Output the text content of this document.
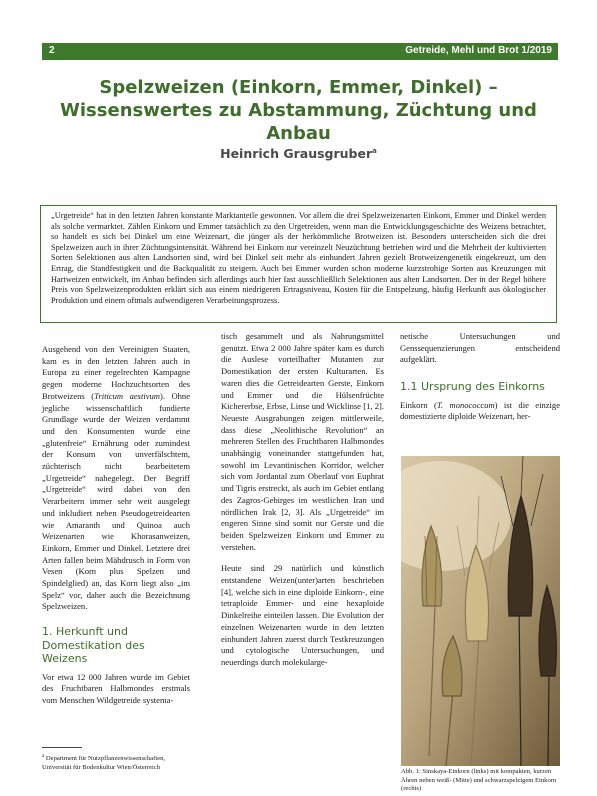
2	Getreide, Mehl und Brot 1/2019
Spelzweizen (Einkorn, Emmer, Dinkel) –
Wissenswertes zu Abstammung, Züchtung und Anbau
Heinrich Grausgruber$^a$
„Urgetreide“ hat in den letzten Jahren konstante Marktanteile gewonnen. Vor allem die drei Spelzweizenarten Einkorn, Emmer und Dinkel werden als solche vermarktet. Zählen Einkorn und Emmer tatsächlich zu den Urgetreiden, wenn man die Entwicklungsgeschichte des Weizens betrachtet, so handelt es sich bei Dinkel um eine Weizenart, die jünger als der herkömmliche Brotweizen ist. Besonders unterscheiden sich die drei Spelzweizen auch in ihrer Züchtungsintensität. Während bei Einkorn nur vereinzelt Neuzüchtung betrieben wird und die Mehrheit der kultivierten Sorten Selektionen aus alten Landsorten sind, wird bei Dinkel seit mehr als einhundert Jahren gezielt Brotweizengenetik eingekreuzt, um den Ertrag, die Standfestigkeit und die Backqualität zu steigern. Auch bei Emmer wurden schon moderne kurzstrohige Sorten aus Kreuzungen mit Hartweizen entwickelt, im Anbau befinden sich allerdings auch hier fast ausschließlich Selektionen aus alten Landsorten. Der in der Regel höhere Preis von Spelzweizenprodukten erklärt sich aus einem niedrigeren Ertragsniveau, Kosten für die Entspelzung, häufig Herkunft aus ökologischer Produktion und einem oftmals aufwendigeren Verarbeitungsprozess.

Ausgehend von den Vereinigten Staaten, kam es in den letzten Jahren auch in Europa zu einer regelrechten Kampagne gegen moderne Hochzuchtsorten des Brotweizens (Triticum aestivum). Ohne jegliche wissenschaftlich fundierte Grundlage wurde der Weizen verdammt und den Konsumenten wurde eine „glutenfreie“ Ernährung oder zumindest der Konsum von unverfälschtem, züchterisch nicht bearbeitetem „Urgetreide“ nahegelegt. Der Begriff „Urgetreide“ wird dabei von den Verarbeitern immer sehr weit ausgelegt und inkludiert neben Pseudogetreidearten wie Amaranth und Quinoa auch Weizenarten wie Khorasanweizen, Einkorn, Emmer und Dinkel. Letztere drei Arten fallen beim Mähdrusch in Form von Vesen (Korn plus Spelzen und Spindelglied) an, das Korn liegt also „im Spelz“ vor, daher auch die Bezeichnung Spelzweizen.

1. Herkunft und Domestikation des Weizens

Vor etwa 12 000 Jahren wurde im Gebiet des Fruchtbaren Halbmondes erstmals vom Menschen Wildgetreide systema-

tisch gesammelt und als Nahrungsmittel genutzt. Etwa 2 000 Jahre später kam es durch die Auslese vorteilhafter Mutanten zur Domestikation der ersten Kulturarten. Es waren dies die Getreidearten Gerste, Einkorn und Emmer und die Hülsenfrüchte Kichererbse, Erbse, Linse und Wicklinse [1, 2]. Neueste Ausgrabungen zeigen mittlerweile, dass diese „Neolithische Revolution“ an mehreren Stellen des Fruchtbaren Halbmondes unabhängig voneinander stattgefunden hat, sowohl im Levantinischen Korridor, welcher sich vom Jordantal zum Oberlauf von Euphrat und Tigris erstreckt, als auch im Gebiet entlang des Zagros-Gebirges im westlichen Iran und nördlichen Irak [2, 3]. Als „Urgetreide“ im engeren Sinne sind somit nur Gerste und die beiden Spelzweizen Einkorn und Emmer zu verstehen.

Heute sind 29 natürlich und künstlich entstandene Weizen(unter)arten beschrieben [4], welche sich in eine diploide Einkorn-, eine tetraploide Emmer- und eine hexaploide Dinkelreihe einteilen lassen. Die Evolution der einzelnen Weizenarten wurde in den letzten einhundert Jahren zuerst durch Testkreuzungen und cytologische Untersuchungen, und neuerdings durch molekularge-

netische Untersuchungen und Genssequenzierungen entscheidend aufgeklärt.

1.1 Ursprung des Einkorns

Einkorn (T. monococcum) ist die einzige domestizierte diploide Weizenart, her-

Abb. 1: Sinskaya-Einkorn (links) mit kompakten, kurzen Ähren neben weiß- (Mitte) und schwarzspelzigem Einkorn (rechts)
$^a$ Department für Nutzpflanzenwissenschaften, Universität für Bodenkultur Wien/Österreich
